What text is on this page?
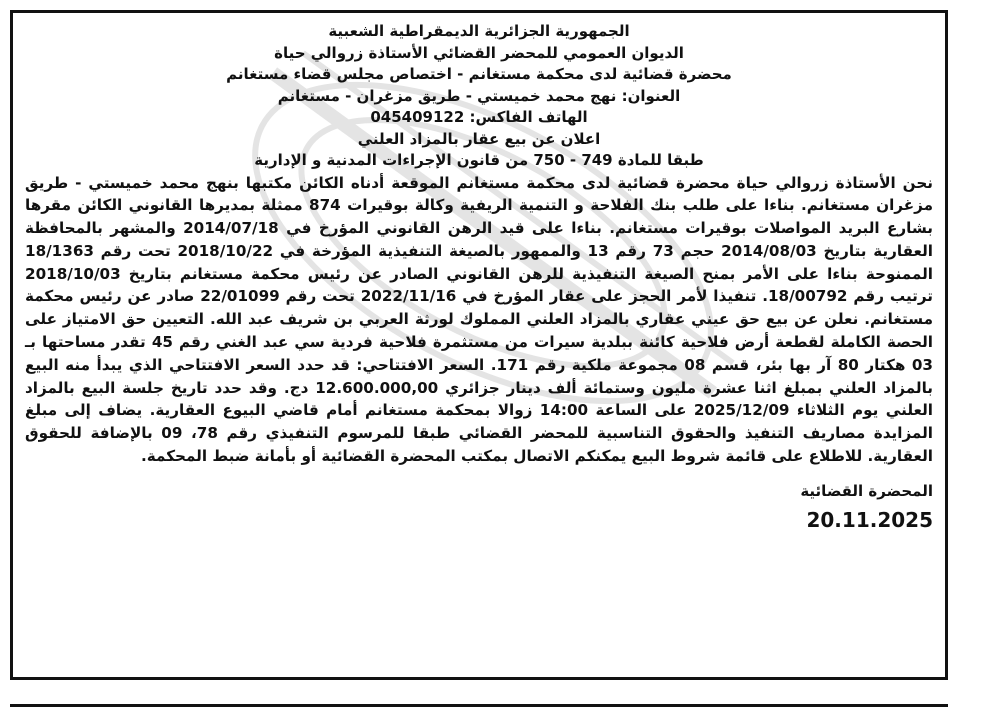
الجمهورية الجزائرية الديمقراطية الشعبية
الديوان العمومي للمحضر القضائي الأستاذة زروالي حياة
محضرة قضائية لدى محكمة مستغانم - اختصاص مجلس قضاء مستغانم
العنوان: نهج محمد خميستي - طريق مزغران - مستغانم
الهاتف الفاكس: 045409122
اعلان عن بيع عقار بالمزاد العلني
طبقا للمادة 749 - 750 من قانون الإجراءات المدنية و الإدارية

نحن الأستاذة زروالي حياة محضرة قضائية لدى محكمة مستغانم الموقعة أدناه الكائن مكتبها بنهج محمد خميستي - طريق مزغران مستغانم. بناءا على طلب بنك الفلاحة و التنمية الريفية وكالة بوقيرات 874 ممثلة بمديرها القانوني الكائن مقرها بشارع البريد المواصلات بوقيرات مستغانم. بناءا على قيد الرهن القانوني المؤرخ في 2014/07/18 والمشهر بالمحافظة العقارية بتاريخ 2014/08/03 حجم 73 رقم 13 والممهور بالصيغة التنفيذية المؤرخة في 2018/10/22 تحت رقم 18/1363 الممنوحة بناءا على الأمر بمنح الصيغة التنفيذية للرهن القانوني الصادر عن رئيس محكمة مستغانم بتاريخ 2018/10/03 ترتيب رقم 18/00792. تنفيذا لأمر الحجز على عقار المؤرخ في 2022/11/16 تحت رقم 22/01099 صادر عن رئيس محكمة مستغانم. نعلن عن بيع حق عيني عقاري بالمزاد العلني المملوك لورثة العربي بن شريف عبد الله. التعيين حق الامتياز على الحصة الكاملة لقطعة أرض فلاحية كائنة ببلدية سيرات من مستثمرة فلاحية فردية سي عبد الغني رقم 45 تقدر مساحتها بـ 03 هكتار 80 آر بها بئر، قسم 08 مجموعة ملكية رقم 171. السعر الافتتاحي: قد حدد السعر الافتتاحي الذي يبدأ منه البيع بالمزاد العلني بمبلغ اثنا عشرة مليون وستمائة ألف دينار جزائري 12.600.000,00 دج. وقد حدد تاريخ جلسة البيع بالمزاد العلني يوم الثلاثاء 2025/12/09 على الساعة 14:00 زوالا بمحكمة مستغانم أمام قاضي البيوع العقارية. يضاف إلى مبلغ المزايدة مصاريف التنفيذ والحقوق التناسبية للمحضر القضائي طبقا للمرسوم التنفيذي رقم 78، 09 بالإضافة للحقوق العقارية. للاطلاع على قائمة شروط البيع يمكنكم الاتصال بمكتب المحضرة القضائية أو بأمانة ضبط المحكمة.

المحضرة القضائية
20.11.2025
